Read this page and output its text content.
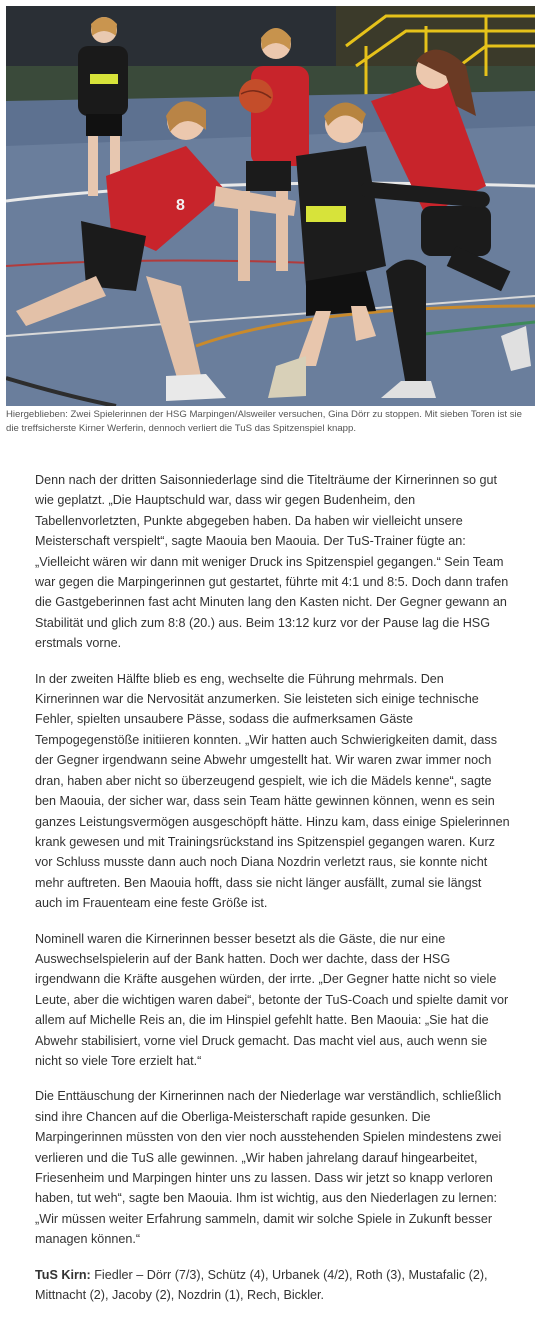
8
Hiergeblieben: Zwei Spielerinnen der HSG Marpingen/Alsweiler versuchen, Gina Dörr zu stoppen. Mit sieben Toren ist sie die treffsicherste Kirner Werferin, dennoch verliert die TuS das Spitzenspiel knapp.

Denn nach der dritten Saisonniederlage sind die Titelträume der Kirnerinnen so gut wie geplatzt. „Die Hauptschuld war, dass wir gegen Budenheim, den Tabellenvorletzten, Punkte abgegeben haben. Da haben wir vielleicht unsere Meisterschaft verspielt“, sagte Maouia ben Maouia. Der TuS-Trainer fügte an: „Vielleicht wären wir dann mit weniger Druck ins Spitzenspiel gegangen.“ Sein Team war gegen die Marpingerinnen gut gestartet, führte mit 4:1 und 8:5. Doch dann trafen die Gastgeberinnen fast acht Minuten lang den Kasten nicht. Der Gegner gewann an Stabilität und glich zum 8:8 (20.) aus. Beim 13:12 kurz vor der Pause lag die HSG erstmals vorne.

In der zweiten Hälfte blieb es eng, wechselte die Führung mehrmals. Den Kirnerinnen war die Nervosität anzumerken. Sie leisteten sich einige technische Fehler, spielten unsaubere Pässe, sodass die aufmerksamen Gäste Tempogegenstöße initiieren konnten. „Wir hatten auch Schwierigkeiten damit, dass der Gegner irgendwann seine Abwehr umgestellt hat. Wir waren zwar immer noch dran, haben aber nicht so überzeugend gespielt, wie ich die Mädels kenne“, sagte ben Maouia, der sicher war, dass sein Team hätte gewinnen können, wenn es sein ganzes Leistungsvermögen ausgeschöpft hätte. Hinzu kam, dass einige Spielerinnen krank gewesen und mit Trainingsrückstand ins Spitzenspiel gegangen waren. Kurz vor Schluss musste dann auch noch Diana Nozdrin verletzt raus, sie konnte nicht mehr auftreten. Ben Maouia hofft, dass sie nicht länger ausfällt, zumal sie längst auch im Frauenteam eine feste Größe ist.

Nominell waren die Kirnerinnen besser besetzt als die Gäste, die nur eine Auswechselspielerin auf der Bank hatten. Doch wer dachte, dass der HSG irgendwann die Kräfte ausgehen würden, der irrte. „Der Gegner hatte nicht so viele Leute, aber die wichtigen waren dabei“, betonte der TuS-Coach und spielte damit vor allem auf Michelle Reis an, die im Hinspiel gefehlt hatte. Ben Maouia: „Sie hat die Abwehr stabilisiert, vorne viel Druck gemacht. Das macht viel aus, auch wenn sie nicht so viele Tore erzielt hat.“

Die Enttäuschung der Kirnerinnen nach der Niederlage war verständlich, schließlich sind ihre Chancen auf die Oberliga-Meisterschaft rapide gesunken. Die Marpingerinnen müssten von den vier noch ausstehenden Spielen mindestens zwei verlieren und die TuS alle gewinnen. „Wir haben jahrelang darauf hingearbeitet, Friesenheim und Marpingen hinter uns zu lassen. Dass wir jetzt so knapp verloren haben, tut weh“, sagte ben Maouia. Ihm ist wichtig, aus den Niederlagen zu lernen: „Wir müssen weiter Erfahrung sammeln, damit wir solche Spiele in Zukunft besser managen können.“

TuS Kirn: Fiedler – Dörr (7/3), Schütz (4), Urbanek (4/2), Roth (3), Mustafalic (2), Mittnacht (2), Jacoby (2), Nozdrin (1), Rech, Bickler.
